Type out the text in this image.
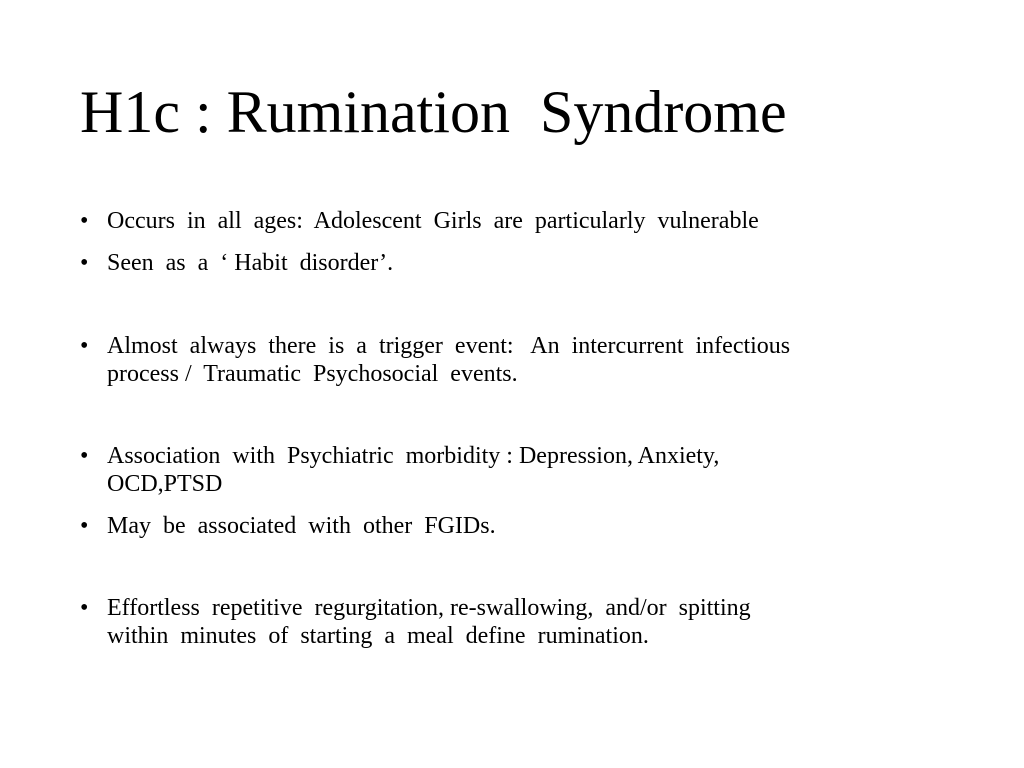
H1c : Rumination  Syndrome
• Occurs  in  all  ages:  Adolescent  Girls  are  particularly  vulnerable
• Seen  as  a  ‘ Habit  disorder’.
• Almost  always  there  is  a  trigger  event:   An  intercurrent  infectious
process /  Traumatic  Psychosocial  events.
• Association  with  Psychiatric  morbidity : Depression, Anxiety,
OCD,PTSD
• May  be  associated  with  other  FGIDs.
• Effortless  repetitive  regurgitation, re-swallowing,  and/or  spitting
within  minutes  of  starting  a  meal  define  rumination.
